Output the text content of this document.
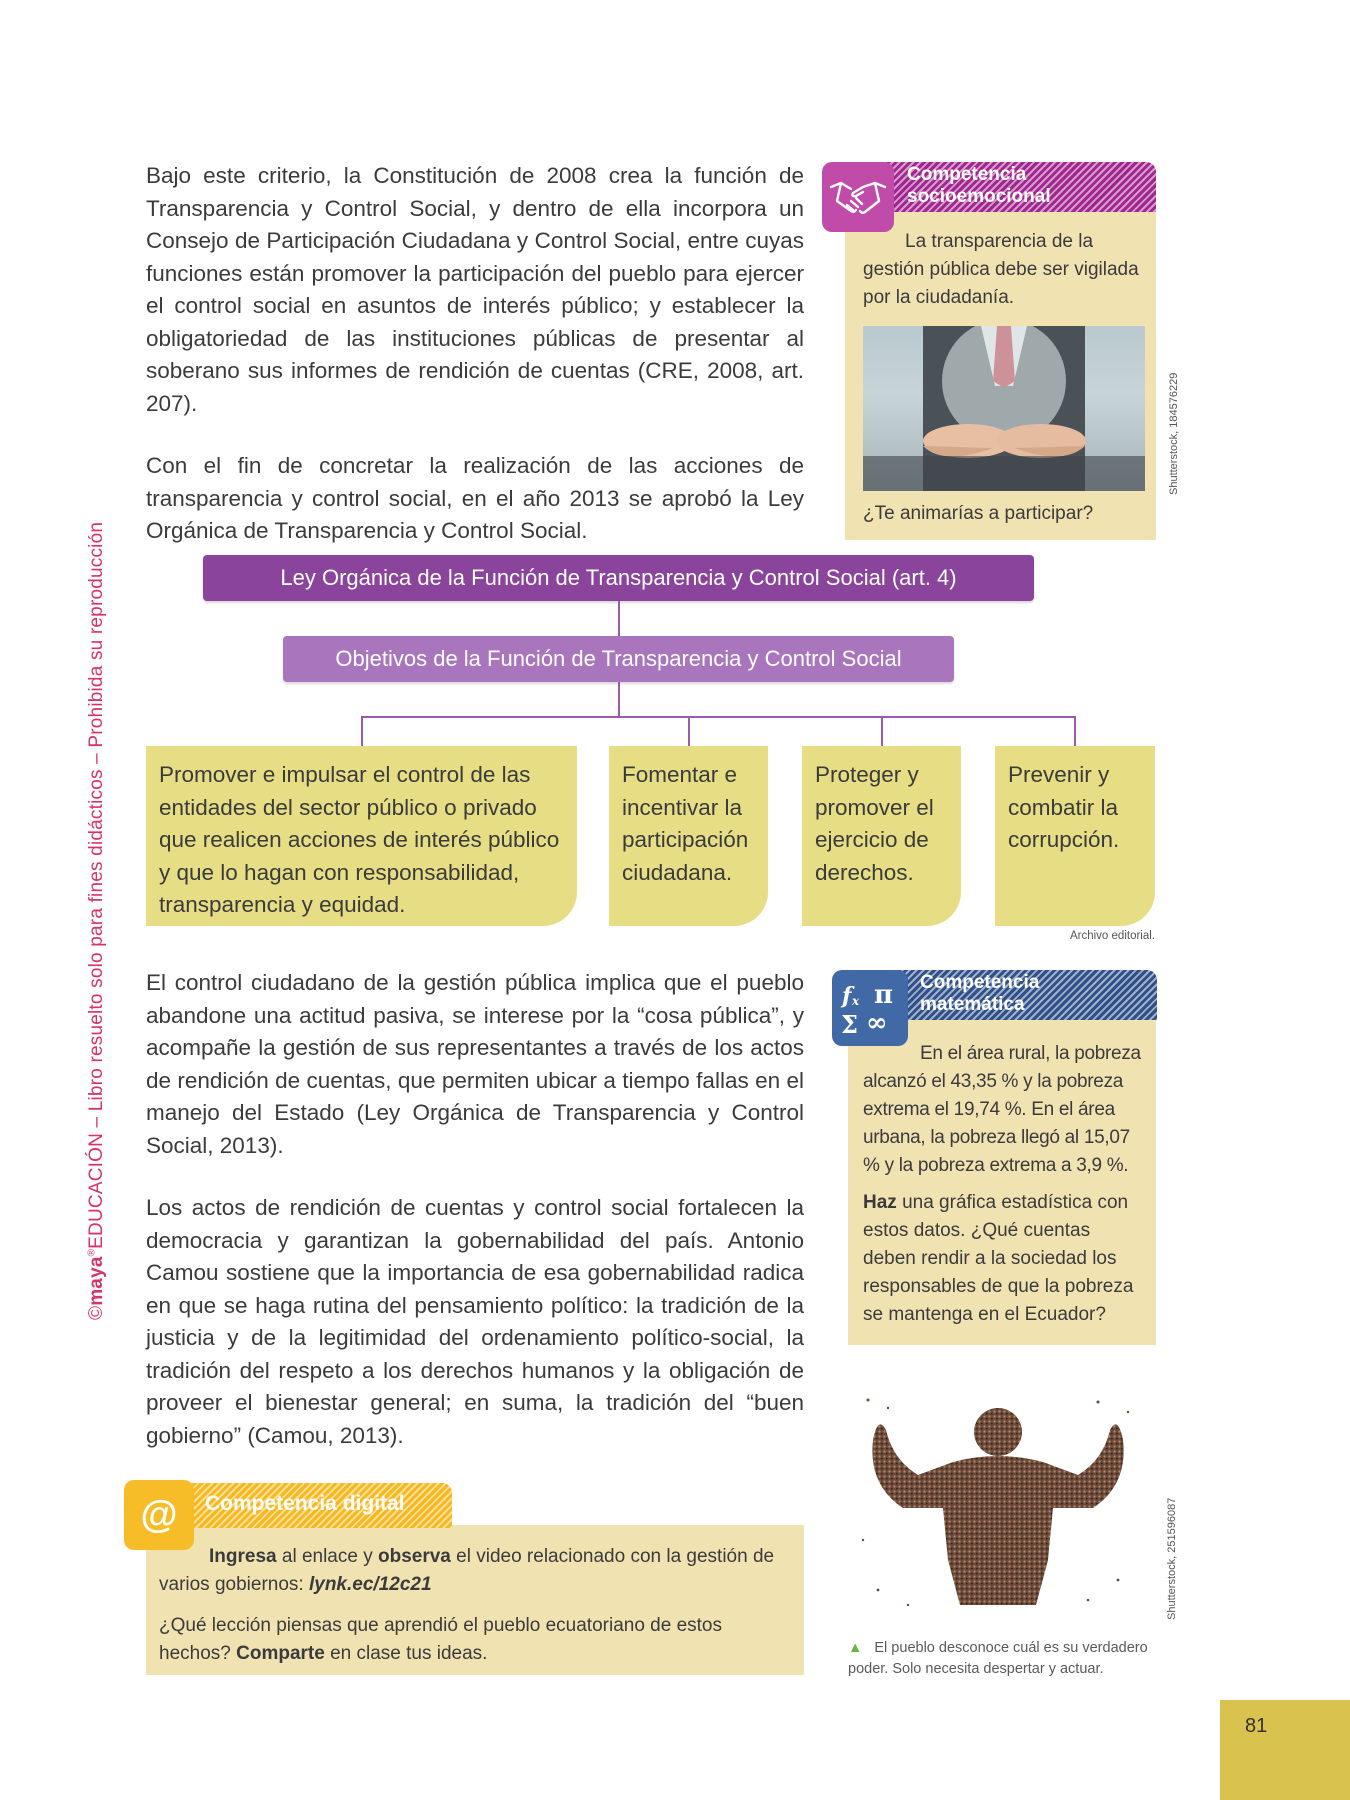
©maya®EDUCACIÓN – Libro resuelto solo para fines didácticos – Prohibida su reproducción

Bajo este criterio, la Constitución de 2008 crea la función de Transparencia y Control Social, y dentro de ella incorpora un Consejo de Participación Ciudadana y Control Social, entre cuyas funciones están promover la participación del pueblo para ejercer el control social en asuntos de interés público; y establecer la obligatoriedad de las instituciones públicas de presentar al soberano sus informes de rendición de cuentas (CRE, 2008, art. 207).

Con el fin de concretar la realización de las acciones de transparencia y control social, en el año 2013 se aprobó la Ley Orgánica de Transparencia y Control Social.

Competencia
socioemocional

La transparencia de la gestión pública debe ser vigilada por la ciudadanía.

¿Te animarías a participar?

Shutterstock, 184576229
Ley Orgánica de la Función de Transparencia y Control Social (art. 4)
Objetivos de la Función de Transparencia y Control Social
Promover e impulsar el control de las entidades del sector público o privado que realicen acciones de interés público y que lo hagan con responsabilidad, transparencia y equidad.
Fomentar e incentivar la participación ciudadana.
Proteger y promover el ejercicio de derechos.
Prevenir y combatir la corrupción.
Archivo editorial.

El control ciudadano de la gestión pública implica que el pueblo abandone una actitud pasiva, se interese por la “cosa pública”, y acompañe la gestión de sus representantes a través de los actos de rendición de cuentas, que permiten ubicar a tiempo fallas en el manejo del Estado (Ley Orgánica de Transparencia y Control Social, 2013).

Los actos de rendición de cuentas y control social fortalecen la democracia y garantizan la gobernabilidad del país. Antonio Camou sostiene que la importancia de esa gobernabilidad radica en que se haga rutina del pensamiento político: la tradición de la justicia y de la legitimidad del ordenamiento político-social, la tradición del respeto a los derechos humanos y la obligación de proveer el bienestar general; en suma, la tradición del “buen gobierno” (Camou, 2013).

Competencia
matemática
f x π
Σ ∞

En el área rural, la pobreza alcanzó el 43,35 % y la pobreza extrema el 19,74 %. En el área urbana, la pobreza llegó al 15,07 % y la pobreza extrema a 3,9 %.

Haz una gráfica estadística con estos datos. ¿Qué cuentas deben rendir a la sociedad los responsables de que la pobreza se mantenga en el Ecuador?

Shutterstock, 251596087
▲ El pueblo desconoce cuál es su verdadero poder. Solo necesita despertar y actuar.
Competencia digital
@

Ingresa al enlace y observa el video relacionado con la gestión de varios gobiernos: lynk.ec/12c21

¿Qué lección piensas que aprendió el pueblo ecuatoriano de estos hechos? Comparte en clase tus ideas.

81
